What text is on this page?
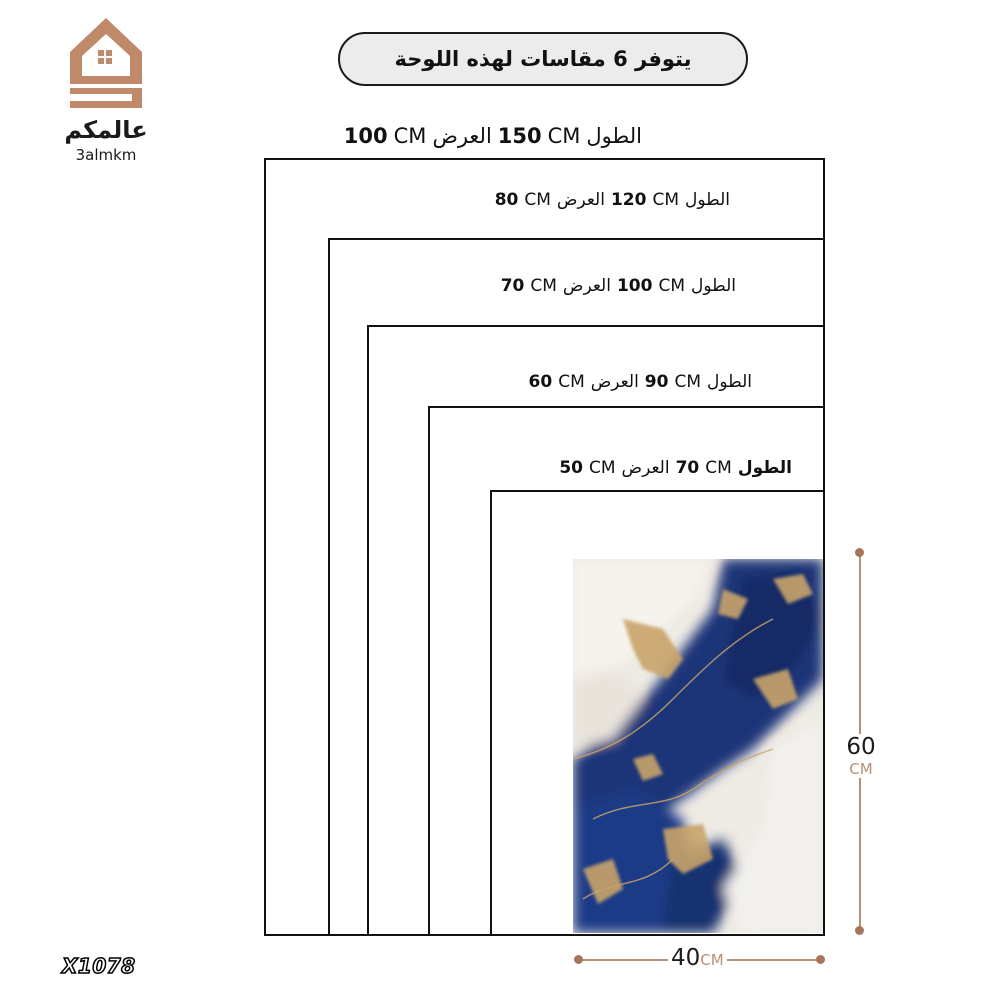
عالمكم
3almkm
يتوفر 6 مقاسات لهذه اللوحة
100 CM العرض 150 CM الطول
80 CM العرض 120 CM الطول
70 CM العرض 100 CM الطول
60 CM العرض 90 CM الطول
50 CM العرض 70 CM الطول
60
CM
40CM
X1078
